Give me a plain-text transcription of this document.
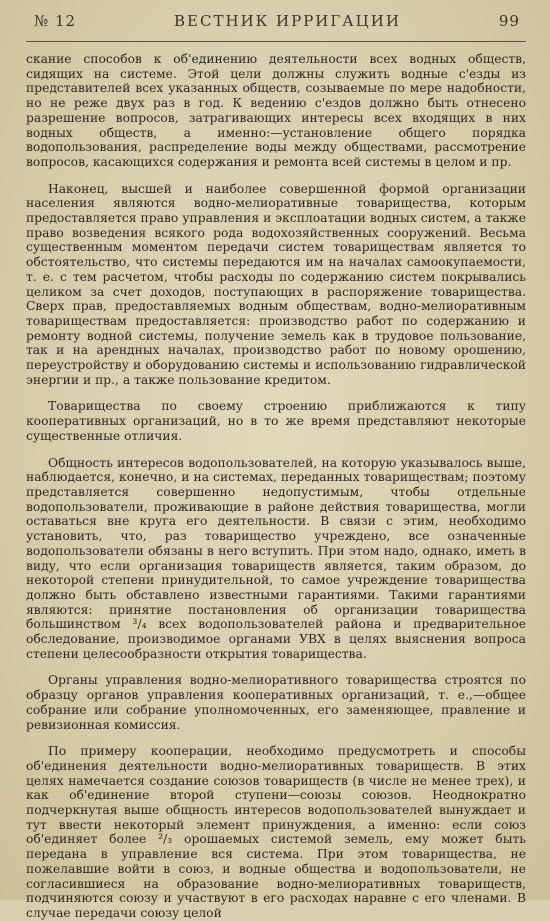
№ 12	ВЕСТНИК ИРРИГАЦИИ	99

скание способов к об'единению деятельности всех водных обществ, сидящих на системе. Этой цели должны служить водные с'езды из представителей всех указанных обществ, созываемые по мере надобности, но не реже двух раз в год. К ведению с'ездов должно быть отнесено разрешение вопросов, затрагивающих интересы всех входящих в них водных обществ, а именно:—установление общего порядка водопользования, распределение воды между обществами, рассмотрение вопросов, касающихся содержания и ремонта всей системы в целом и пр.

Наконец, высшей и наиболее совершенной формой организации населения являются водно-мелиоративные товарищества, которым предоставляется право управления и эксплоатации водных систем, а также право возведения всякого рода водохозяйственных сооружений. Весьма существенным моментом передачи систем товариществам является то обстоятельство, что системы передаются им на началах самоокупаемости, т. е. с тем расчетом, чтобы расходы по содержанию систем покрывались целиком за счет доходов, поступающих в распоряжение товарищества. Сверх прав, предоставляемых водным обществам, водно-мелиоративным товариществам предоставляется: производство работ по содержанию и ремонту водной системы, получение земель как в трудовое пользование, так и на арендных началах, производство работ по новому орошению, переустройству и оборудованию системы и использованию гидравлической энергии и пр., а также пользование кредитом.

Товарищества по своему строению приближаются к типу кооперативных организаций, но в то же время представляют некоторые существенные отличия.

Общность интересов водопользователей, на которую указывалось выше, наблюдается, конечно, и на системах, переданных товариществам; поэтому представляется совершенно недопустимым, чтобы отдельные водопользователи, проживающие в районе действия товарищества, могли оставаться вне круга его деятельности. В связи с этим, необходимо установить, что, раз товарищество учреждено, все означенные водопользователи обязаны в него вступить. При этом надо, однако, иметь в виду, что если организация товариществ является, таким образом, до некоторой степени принудительной, то самое учреждение товарищества должно быть обставлено известными гарантиями. Такими гарантиями являются: принятие постановления об организации товарищества большинством ³/₄ всех водопользователей района и предварительное обследование, производимое органами УВХ в целях выяснения вопроса степени целесообразности открытия товарищества.

Органы управления водно-мелиоративного товарищества строятся по образцу органов управления кооперативных организаций, т. е.,—общее собрание или собрание уполномоченных, его заменяющее, правление и ревизионная комиссия.

По примеру кооперации, необходимо предусмотреть и способы об'единения деятельности водно-мелиоративных товариществ. В этих целях намечается создание союзов товариществ (в числе не менее трех), и как об'единение второй ступени—союзы союзов. Неоднократно подчеркнутая выше общность интересов водопользователей вынуждает и тут ввести некоторый элемент принуждения, а именно: если союз об'единяет более ²/₃ орошаемых системой земель, ему может быть передана в управление вся система. При этом товарищества, не пожелавшие войти в союз, и водные общества и водопользователи, не согласившиеся на образование водно-мелиоративных товариществ, подчиняются союзу и участвуют в его расходах наравне с его членами. В случае передачи союзу целой
